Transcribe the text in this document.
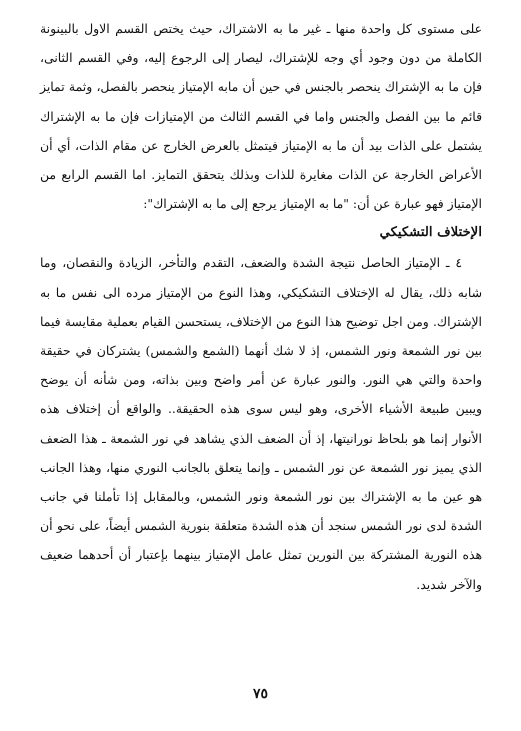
على مستوى كل واحدة منها ـ غير ما به الاشتراك، حيث يختص القسم الاول بالبينونة الكاملة من دون وجود أي وجه للإشتراك، ليصار إلى الرجوع إليه، وفي القسم الثانى، فإن ما به الإشتراك ينحصر بالجنس في حين أن مابه الإمتياز ينحصر بالفصل، وثمة تمايز قائم ما بين الفصل والجنس واما في القسم الثالث من الإمتيازات فإن ما به الإشتراك يشتمل على الذات بيد أن ما به الإمتياز فيتمثل بالعرض الخارج عن مقام الذات، أي أن الأعراض الخارجة عن الذات مغايرة للذات وبذلك يتحقق التمايز. اما القسم الرابع من الإمتياز فهو عبارة عن أن: "ما به الإمتياز يرجع إلى ما به الإشتراك":

الإختلاف التشكيكي

٤ ـ الإمتياز الحاصل نتيجة الشدة والضعف، التقدم والتأخر، الزيادة والنقصان، وما شابه ذلك، يقال له الإختلاف التشكيكي، وهذا النوع من الإمتياز مرده الى نفس ما به الإشتراك. ومن اجل توضيح هذا النوع من الإختلاف، يستحسن القيام بعملية مقايسة فيما بين نور الشمعة ونور الشمس، إذ لا شك أنهما (الشمع والشمس) يشتركان في حقيقة واحدة والتي هي النور. والنور عبارة عن أمر واضح وبين بذاته، ومن شأنه أن يوضح ويبين طبيعة الأشياء الأخرى، وهو ليس سوى هذه الحقيقة.. والواقع أن إختلاف هذه الأنوار إنما هو بلحاظ نورانيتها، إذ أن الضعف الذي يشاهد في نور الشمعة ـ هذا الضعف الذي يميز نور الشمعة عن نور الشمس ـ وإنما يتعلق بالجانب النوري منها، وهذا الجانب هو عين ما به الإشتراك بين نور الشمعة ونور الشمس، وبالمقابل إذا تأملنا في جانب الشدة لدى نور الشمس سنجد أن هذه الشدة متعلقة بنورية الشمس أيضاً، على نحو أن هذه النورية المشتركة بين النورين تمثل عامل الإمتياز بينهما بإعتبار أن أحدهما ضعيف والآخر شديد.

٧٥
